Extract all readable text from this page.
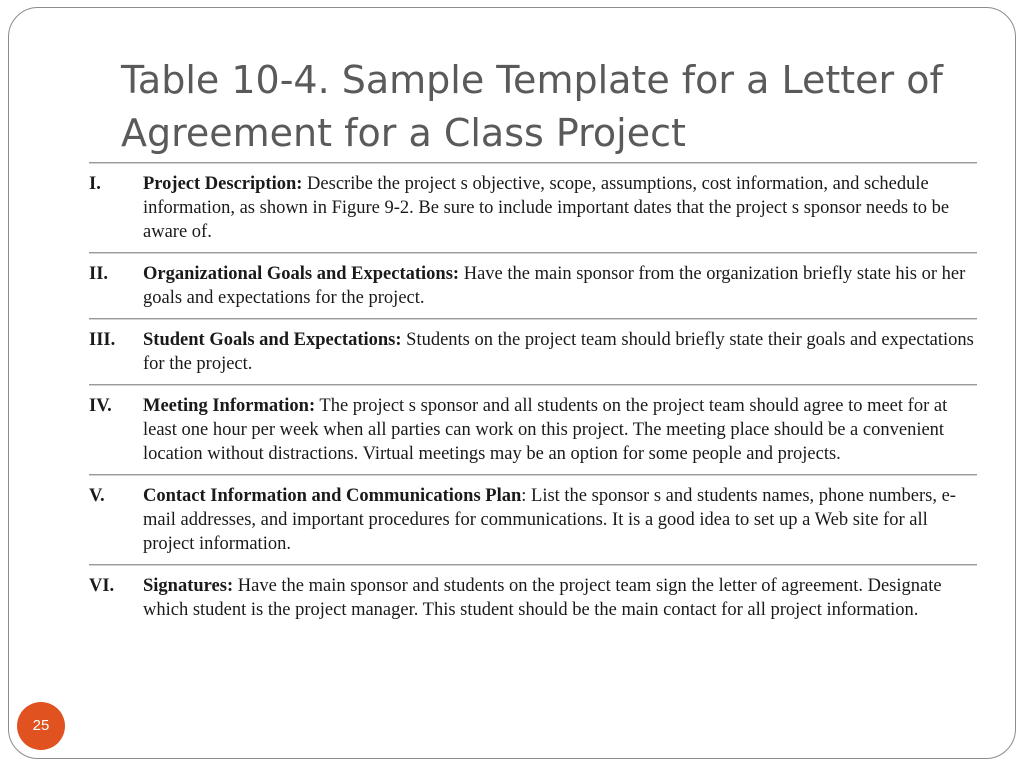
Table 10-4. Sample Template for a Letter of Agreement for a Class Project
I.	Project Description: Describe the project s objective, scope, assumptions, cost information, and schedule information, as shown in Figure 9-2. Be sure to include important dates that the project s sponsor needs to be aware of.
II.	Organizational Goals and Expectations: Have the main sponsor from the organization briefly state his or her goals and expectations for the project.
III.	Student Goals and Expectations: Students on the project team should briefly state their goals and expectations for the project.
IV.	Meeting Information: The project s sponsor and all students on the project team should agree to meet for at least one hour per week when all parties can work on this project. The meeting place should be a convenient location without distractions. Virtual meetings may be an option for some people and projects.
V.	Contact Information and Communications Plan: List the sponsor s and students names, phone numbers, e-mail addresses, and important procedures for communications. It is a good idea to set up a Web site for all project information.
VI.	Signatures: Have the main sponsor and students on the project team sign the letter of agreement. Designate which student is the project manager. This student should be the main contact for all project information.
25
